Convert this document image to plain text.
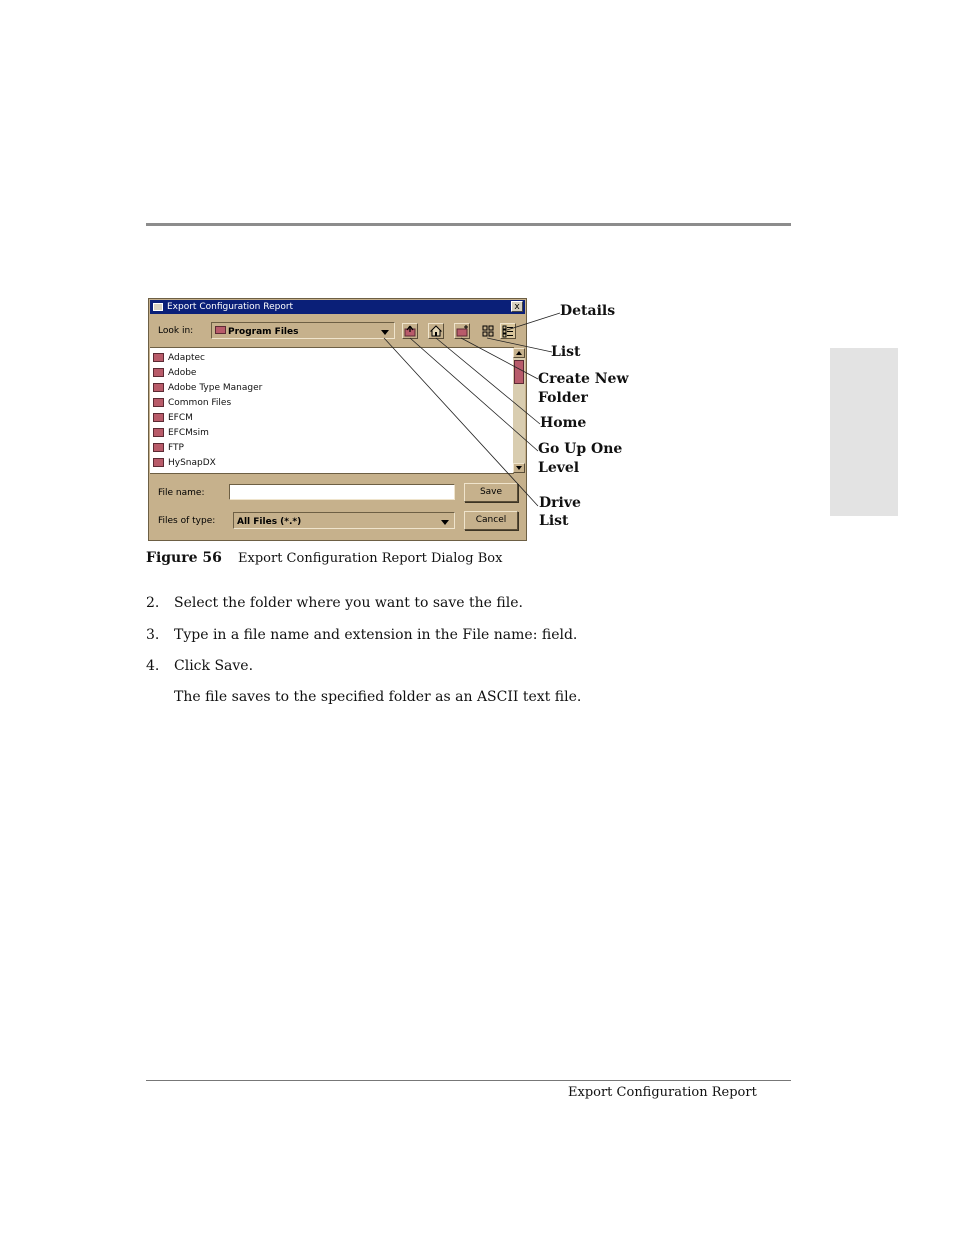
Export Configuration Report	x
Look in:	Program Files
Adaptec
Adobe
Adobe Type Manager
Common Files
EFCM
EFCMsim
FTP
HySnapDX
File name:	Save
Files of type: All Files (*.*)	Cancel
Details
List
Create New
Folder
Home
Go Up One
Level
Drive
List
Figure 56 Export Configuration Report Dialog Box
2. Select the folder where you want to save the file.
3. Type in a file name and extension in the File name: field.
4. Click Save.
The file saves to the specified folder as an ASCII text file.
Export Configuration Report
